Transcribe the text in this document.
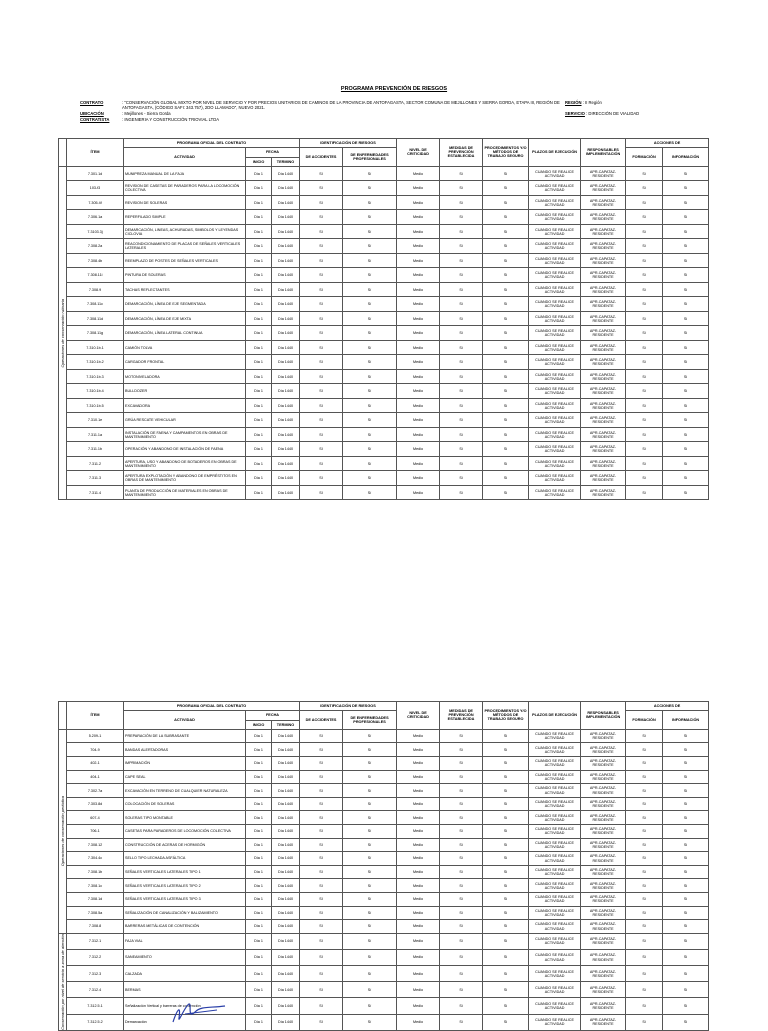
PROGRAMA PREVENCIÓN DE RIESGOS
CONTRATO	: "CONSERVACIÓN GLOBAL MIXTO POR NIVEL DE SERVICIO Y POR PRECIOS UNITARIOS DE CAMINOS DE LA PROVINCIA DE ANTOFAGASTA, SECTOR COMUNA DE MEJILLONES Y SIERRA GORDA, ETAPA III, REGIÓN DE ANTOFAGASTA, (CÓDIGO SAFI: 343.757), 2DO LLAMADO", NUEVO 2021.
REGIÓN : II Región
UBICACIÓN	: Mejillones - Sierra Gorda	SERVICIO : DIRECCIÓN DE VIALIDAD
CONTRATISTA	: INGENIERIA Y CONSTRUCCIÓN TRIOVIAL LTDA
	ÍTEM	PROGRAMA OFICIAL DEL CONTRATO			IDENTIFICACIÓN DE RIESGOS		NIVEL DE CRITICIDAD	MEDIDAS DE PREVENCIÓN ESTABLECIDA	PROCEDIMIENTOS Y/O MÉTODOS DE TRABAJO SEGURO	PLAZOS DE EJECUCIÓN	RESPONSABLES IMPLEMENTACIÓN	ACCIONES DE	
		ACTIVIDAD	FECHA		DE ACCIDENTES	DE ENFERMEDADES PROFESIONALES						FORMACIÓN	INFORMACIÓN
			INICIO	TERMINO									

Operaciones de conservación rutinaria	7.301.1d	MUNIPREZA MANUAL DE LA FAJA	Día 1	Día 1440	SI	Sí	Medio	Si	Si	CUANDO SE REALICE ACTIVIDAD	APR-CAPATAZ-RESIDENTE	Si	Si
	103-f3	REVISION DE CASETAS DE PARADEROS PARA LA LOCOMOCIÓN COLECTIVA	Día 1	Día 1440	SI	Sí	Medio	Si	Si	CUANDO SE REALICE ACTIVIDAD	APR-CAPATAZ-RESIDENTE	Si	Si
	7.305.4f	REVISION DE SOLERAS	Día 1	Día 1440	SI	Sí	Medio	Si	Si	CUANDO SE REALICE ACTIVIDAD	APR-CAPATAZ-RESIDENTE	Si	Si
	7.306.1a	REPERFILADO SIMPLE	Día 1	Día 1440	SI	Sí	Medio	Si	Si	CUANDO SE REALICE ACTIVIDAD	APR-CAPATAZ-RESIDENTE	Si	Si
	7.3103.3j	DEMARCACIÓN, LINEAS, ACHURADAS, SIMBOLOS Y LEYENDAS CICLOVIA	Día 1	Día 1440	SI	Sí	Medio	Si	Si	CUANDO SE REALICE ACTIVIDAD	APR-CAPATAZ-RESIDENTE	Si	Si
	7.308.2a	REACONDICIONAMIENTO DE PLACAS DE SEÑALES VERTICALES LATERALES	Día 1	Día 1440	SI	Sí	Medio	Si	Si	CUANDO SE REALICE ACTIVIDAD	APR-CAPATAZ-RESIDENTE	Si	Si
	7.308.4b	REEMPLAZO DE POSTES DE SEÑALES VERTICALES	Día 1	Día 1440	SI	Sí	Medio	Si	Si	CUANDO SE REALICE ACTIVIDAD	APR-CAPATAZ-RESIDENTE	Si	Si
	7.308.11i	PINTURA DE SOLERAS	Día 1	Día 1440	SI	Sí	Medio	Si	Si	CUANDO SE REALICE ACTIVIDAD	APR-CAPATAZ-RESIDENTE	Si	Si
	7.308.9	TACHAS REFLECTANTES	Día 1	Día 1440	SI	Sí	Medio	Si	Si	CUANDO SE REALICE ACTIVIDAD	APR-CAPATAZ-RESIDENTE	Si	Si
	7.308.11c	DEMARCACIÓN, LÍNEA DE EJE SEGMENTADA	Día 1	Día 1440	SI	Sí	Medio	Si	Si	CUANDO SE REALICE ACTIVIDAD	APR-CAPATAZ-RESIDENTE	Si	Si
	7.308.11d	DEMARCACIÓN, LÍNEA DE EJE MIXTA	Día 1	Día 1440	SI	Sí	Medio	Si	Si	CUANDO SE REALICE ACTIVIDAD	APR-CAPATAZ-RESIDENTE	Si	Si
	7.308.11g	DEMARCACIÓN, LÍNEA LATERAL CONTINUA	Día 1	Día 1440	SI	Sí	Medio	Si	Si	CUANDO SE REALICE ACTIVIDAD	APR-CAPATAZ-RESIDENTE	Si	Si
	7.310.1b.1	CAMIÓN TOLVA	Día 1	Día 1440	SI	Sí	Medio	Si	Si	CUANDO SE REALICE ACTIVIDAD	APR-CAPATAZ-RESIDENTE	Si	Si
	7.310.1b.2	CARGADOR FRONTAL	Día 1	Día 1440	SI	Sí	Medio	Si	Si	CUANDO SE REALICE ACTIVIDAD	APR-CAPATAZ-RESIDENTE	Si	Si
	7.310.1b.3	MOTONIVELADORA	Día 1	Día 1440	SI	Sí	Medio	Si	Si	CUANDO SE REALICE ACTIVIDAD	APR-CAPATAZ-RESIDENTE	Si	Si
	7.310.1b.4	BULLDOZER	Día 1	Día 1440	SI	Sí	Medio	Si	Si	CUANDO SE REALICE ACTIVIDAD	APR-CAPATAZ-RESIDENTE	Si	Si
	7.310.1b.5	EXCAVADORA	Día 1	Día 1440	SI	Sí	Medio	Si	Si	CUANDO SE REALICE ACTIVIDAD	APR-CAPATAZ-RESIDENTE	Si	Si
	7.310.1e	GRÚA RESCATE VEHICULAR	Día 1	Día 1440	SI	Sí	Medio	Si	Si	CUANDO SE REALICE ACTIVIDAD	APR-CAPATAZ-RESIDENTE	Si	Si
	7.311.1a	INSTALACIÓN DE FAENA Y CAMPAMENTOS EN OBRAS DE MANTENIMIENTO	Día 1	Día 1440	SI	Sí	Medio	Si	Si	CUANDO SE REALICE ACTIVIDAD	APR-CAPATAZ-RESIDENTE	Si	Si
	7.311.1b	OPERACIÓN Y ABANDONO DE INSTALACIÓN DE FAENA	Día 1	Día 1440	SI	Sí	Medio	Si	Si	CUANDO SE REALICE ACTIVIDAD	APR-CAPATAZ-RESIDENTE	Si	Si
	7.311.2	APERTURA, USO Y ABANDONO DE BOTADEROS EN OBRAS DE MANTENIMIENTO	Día 1	Día 1440	SI	Sí	Medio	Si	Si	CUANDO SE REALICE ACTIVIDAD	APR-CAPATAZ-RESIDENTE	Si	Si
	7.311.3	APERTURA EXPLOTACIÓN Y ABANDONO DE EMPRÉSTITOS EN OBRAS DE MANTENIMIENTO	Día 1	Día 1440	SI	Sí	Medio	Si	Si	CUANDO SE REALICE ACTIVIDAD	APR-CAPATAZ-RESIDENTE	Si	Si
	7.311.4	PLANTA DE PRODUCCIÓN DE MATERIALES EN OBRAS DE MANTENIMIENTO	Día 1	Día 1440	SI	Sí	Medio	Si	Si	CUANDO SE REALICE ACTIVIDAD	APR-CAPATAZ-RESIDENTE	Si	Si
	ÍTEM	PROGRAMA OFICIAL DEL CONTRATO			IDENTIFICACIÓN DE RIESGOS		NIVEL DE CRITICIDAD	MEDIDAS DE PREVENCIÓN ESTABLECIDA	PROCEDIMIENTOS Y/O MÉTODOS DE TRABAJO SEGURO	PLAZOS DE EJECUCIÓN	RESPONSABLES IMPLEMENTACIÓN	ACCIONES DE	
		ACTIVIDAD	FECHA		DE ACCIDENTES	DE ENFERMEDADES PROFESIONALES						FORMACIÓN	INFORMACIÓN
			INICIO	TERMINO									

Operaciones de conservación periódica	5.209-1	PREPARACIÓN DE LA SUBRASANTE	Día 1	Día 1440	SI	Sí	Medio	Si	Si	CUANDO SE REALICE ACTIVIDAD	APR-CAPATAZ-RESIDENTE	Si	Si
	704-9	BANDAS ALERTADORAS	Día 1	Día 1440	SI	Sí	Medio	Si	Si	CUANDO SE REALICE ACTIVIDAD	APR-CAPATAZ-RESIDENTE	Si	Si
	402-1	IMPRIMACIÓN	Día 1	Día 1440	SI	Sí	Medio	Si	Si	CUANDO SE REALICE ACTIVIDAD	APR-CAPATAZ-RESIDENTE	Si	Si
	404-1	CAPE SEAL	Día 1	Día 1440	SI	Sí	Medio	Si	Si	CUANDO SE REALICE ACTIVIDAD	APR-CAPATAZ-RESIDENTE	Si	Si
	7.302.7a	EXCAVACIÓN EN TERRENO DE CUALQUIER NATURALEZA	Día 1	Día 1440	SI	Sí	Medio	Si	Si	CUANDO SE REALICE ACTIVIDAD	APR-CAPATAZ-RESIDENTE	Si	Si
	7.303.8d	COLOCACIÓN DE SOLERAS	Día 1	Día 1440	SI	Sí	Medio	Si	Si	CUANDO SE REALICE ACTIVIDAD	APR-CAPATAZ-RESIDENTE	Si	Si
	607-4	SOLERAS TIPO MONTABLE	Día 1	Día 1440	SI	Sí	Medio	Si	Si	CUANDO SE REALICE ACTIVIDAD	APR-CAPATAZ-RESIDENTE	Si	Si
	706-1	CASETAS PARA PARADEROS DE LOCOMOCIÓN COLECTIVA	Día 1	Día 1440	SI	Sí	Medio	Si	Si	CUANDO SE REALICE ACTIVIDAD	APR-CAPATAZ-RESIDENTE	Si	Si
	7.308.12	CONSTRUCCIÓN DE ACERAS DE HORMIGÓN	Día 1	Día 1440	SI	Sí	Medio	Si	Si	CUANDO SE REALICE ACTIVIDAD	APR-CAPATAZ-RESIDENTE	Si	Si
	7.304.4c	SELLO TIPO LECHADA ASFÁLTICA	Día 1	Día 1440	SI	Sí	Medio	Si	Si	CUANDO SE REALICE ACTIVIDAD	APR-CAPATAZ-RESIDENTE	Si	Si
	7.308.1b	SEÑALES VERTICALES LATERALES TIPO 1	Día 1	Día 1440	SI	Sí	Medio	Si	Si	CUANDO SE REALICE ACTIVIDAD	APR-CAPATAZ-RESIDENTE	Si	Si
	7.308.1c	SEÑALES VERTICALES LATERALES TIPO 2	Día 1	Día 1440	SI	Sí	Medio	Si	Si	CUANDO SE REALICE ACTIVIDAD	APR-CAPATAZ-RESIDENTE	Si	Si
	7.308.1d	SEÑALES VERTICALES LATERALES TIPO 3	Día 1	Día 1440	SI	Sí	Medio	Si	Si	CUANDO SE REALICE ACTIVIDAD	APR-CAPATAZ-RESIDENTE	Si	Si
	7.308.5a	SEÑALIZACIÓN DE CANALIZACIÓN Y BALIZAMIENTO	Día 1	Día 1440	SI	Sí	Medio	Si	Si	CUANDO SE REALICE ACTIVIDAD	APR-CAPATAZ-RESIDENTE	Si	Si
	7.308.8	BARRERAS METÁLICAS DE CONTENCIÓN	Día 1	Día 1440	SI	Sí	Medio	Si	Si	CUANDO SE REALICE ACTIVIDAD	APR-CAPATAZ-RESIDENTE	Si	Si

Conservación por nivel de servicio a zona de atención	7.312.1	FAJA VIAL	Día 1	Día 1440	SI	Sí	Medio	Si	Si	CUANDO SE REALICE ACTIVIDAD	APR-CAPATAZ-RESIDENTE	Si	Si
	7.312.2	SANEAMIENTO	Día 1	Día 1440	SI	Sí	Medio	Si	Si	CUANDO SE REALICE ACTIVIDAD	APR-CAPATAZ-RESIDENTE	Si	Si
	7.312.3	CALZADA	Día 1	Día 1440	SI	Sí	Medio	Si	Si	CUANDO SE REALICE ACTIVIDAD	APR-CAPATAZ-RESIDENTE	Si	Si
	7.312.4	BERMAS	Día 1	Día 1440	SI	Sí	Medio	Si	Si	CUANDO SE REALICE ACTIVIDAD	APR-CAPATAZ-RESIDENTE	Si	Si
	7.312.5.1	Señalización Vertical y barreras de contención	Día 1	Día 1440	SI	Sí	Medio	Si	Si	CUANDO SE REALICE ACTIVIDAD	APR-CAPATAZ-RESIDENTE	Si	Si
	7.312.5.2	Demarcación	Día 1	Día 1440	SI	Sí	Medio	Si	Si	CUANDO SE REALICE ACTIVIDAD	APR-CAPATAZ-RESIDENTE	Si	Si
